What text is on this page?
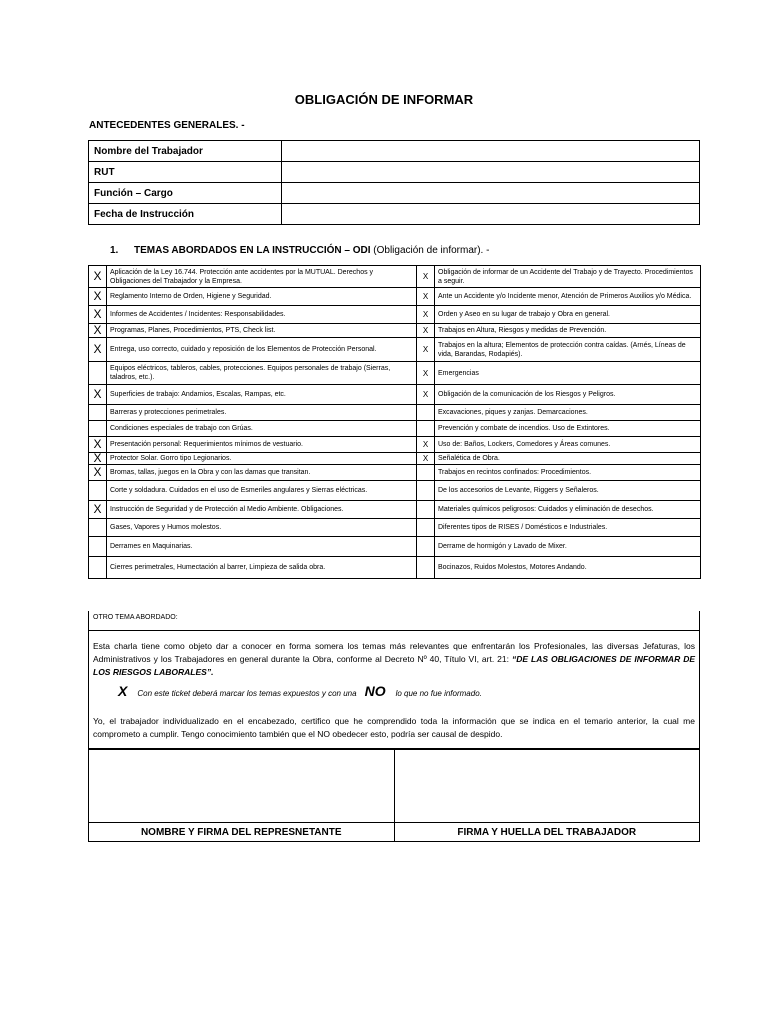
OBLIGACIÓN DE INFORMAR
ANTECEDENTES GENERALES. -
Nombre del Trabajador	
RUT	
Función – Cargo	
Fecha de Instrucción	
1. TEMAS ABORDADOS EN LA INSTRUCCIÓN – ODI (Obligación de informar). -
X	Aplicación de la Ley 16.744. Protección ante accidentes por la MUTUAL. Derechos y Obligaciones del Trabajador y la Empresa.	X	Obligación de informar de un Accidente del Trabajo y de Trayecto. Procedimientos a seguir.
X	Reglamento Interno de Orden, Higiene y Seguridad.	X	Ante un Accidente y/o Incidente menor, Atención de Primeros Auxilios y/o Médica.
X	Informes de Accidentes / Incidentes: Responsabilidades.	X	Orden y Aseo en su lugar de trabajo y Obra en general.
X	Programas, Planes, Procedimientos, PTS, Check list.	X	Trabajos en Altura, Riesgos y medidas de Prevención.
X	Entrega, uso correcto, cuidado y reposición de los Elementos de Protección Personal.	X	Trabajos en la altura; Elementos de protección contra caídas. (Arnés, Líneas de vida, Barandas, Rodapiés).
	Equipos eléctricos, tableros, cables, protecciones. Equipos personales de trabajo (Sierras, taladros, etc.).	X	Emergencias
X	Superficies de trabajo: Andamios, Escalas, Rampas, etc.	X	Obligación de la comunicación de los Riesgos y Peligros.
	Barreras y protecciones perimetrales.		Excavaciones, piques y zanjas. Demarcaciones.
	Condiciones especiales de trabajo con Grúas.		Prevención y combate de incendios. Uso de Extintores.
X	Presentación personal: Requerimientos mínimos de vestuario.	X	Uso de: Baños, Lockers, Comedores y Áreas comunes.
X	Protector Solar. Gorro tipo Legionarios.	X	Señalética de Obra.
X	Bromas, tallas, juegos en la Obra y con las damas que transitan.		Trabajos en recintos confinados: Procedimientos.
	Corte y soldadura. Cuidados en el uso de Esmeriles angulares y Sierras eléctricas.		De los accesorios de Levante, Riggers y Señaleros.
X	Instrucción de Seguridad y de Protección al Medio Ambiente. Obligaciones.		Materiales químicos peligrosos: Cuidados y eliminación de desechos.
	Gases, Vapores y Humos molestos.		Diferentes tipos de RISES / Domésticos e Industriales.
	Derrames en Maquinarias.		Derrame de hormigón y Lavado de Mixer.
	Cierres perimetrales, Humectación al barrer, Limpieza de salida obra.		Bocinazos, Ruidos Molestos, Motores Andando.
OTRO TEMA ABORDADO:
Esta charla tiene como objeto dar a conocer en forma somera los temas más relevantes que enfrentarán los Profesionales, las diversas Jefaturas, los Administrativos y los Trabajadores en general durante la Obra, conforme al Decreto Nº 40, Título VI, art. 21: “DE LAS OBLIGACIONES DE INFORMAR DE LOS RIESGOS LABORALES”.
X Con este ticket deberá marcar los temas expuestos y con una NO lo que no fue informado.
Yo, el trabajador individualizado en el encabezado, certifico que he comprendido toda la información que se indica en el temario anterior, la cual me comprometo a cumplir. Tengo conocimiento también que el NO obedecer esto, podría ser causal de despido.

NOMBRE Y FIRMA DEL REPRESNETANTE	FIRMA Y HUELLA DEL TRABAJADOR
